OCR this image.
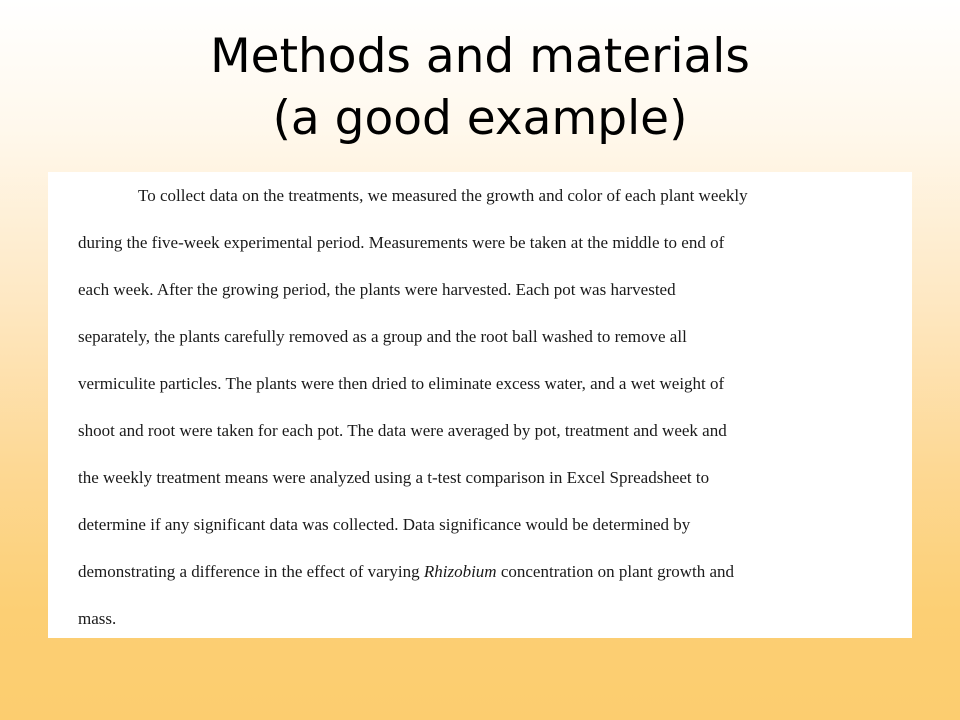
Methods and materials
(a good example)
To collect data on the treatments, we measured the growth and color of each plant weekly
during the five-week experimental period. Measurements were be taken at the middle to end of
each week. After the growing period, the plants were harvested. Each pot was harvested
separately, the plants carefully removed as a group and the root ball washed to remove all
vermiculite particles. The plants were then dried to eliminate excess water, and a wet weight of
shoot and root were taken for each pot. The data were averaged by pot, treatment and week and
the weekly treatment means were analyzed using a t-test comparison in Excel Spreadsheet to
determine if any significant data was collected. Data significance would be determined by
demonstrating a difference in the effect of varying Rhizobium concentration on plant growth and
mass.
